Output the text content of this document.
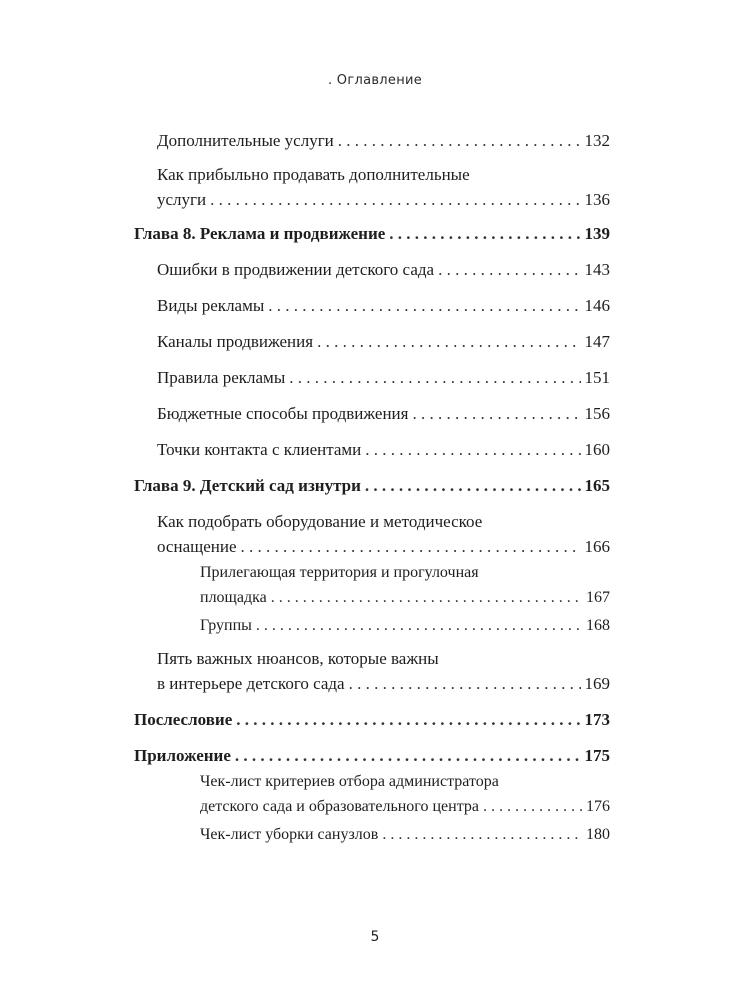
. Оглавление
Дополнительные услуги . . .	132
Как прибыльно продавать дополнительные
услуги . . .	136
Глава 8. Реклама и продвижение . . .	139
Ошибки в продвижении детского сада . . .	143
Виды рекламы . . .	146
Каналы продвижения . . .	147
Правила рекламы . . .	151
Бюджетные способы продвижения . . .	156
Точки контакта с клиентами . . .	160
Глава 9. Детский сад изнутри . . .	165
Как подобрать оборудование и методическое
оснащение . . .	166
Прилегающая территория и прогулочная
площадка . . .	167
Группы . . .	168
Пять важных нюансов, которые важны
в интерьере детского сада . . .	169
Послесловие . . .	173
Приложение . . .	175
Чек-лист критериев отбора администратора
детского сада и образовательного центра . . .	176
Чек-лист уборки санузлов . . .	180
5
